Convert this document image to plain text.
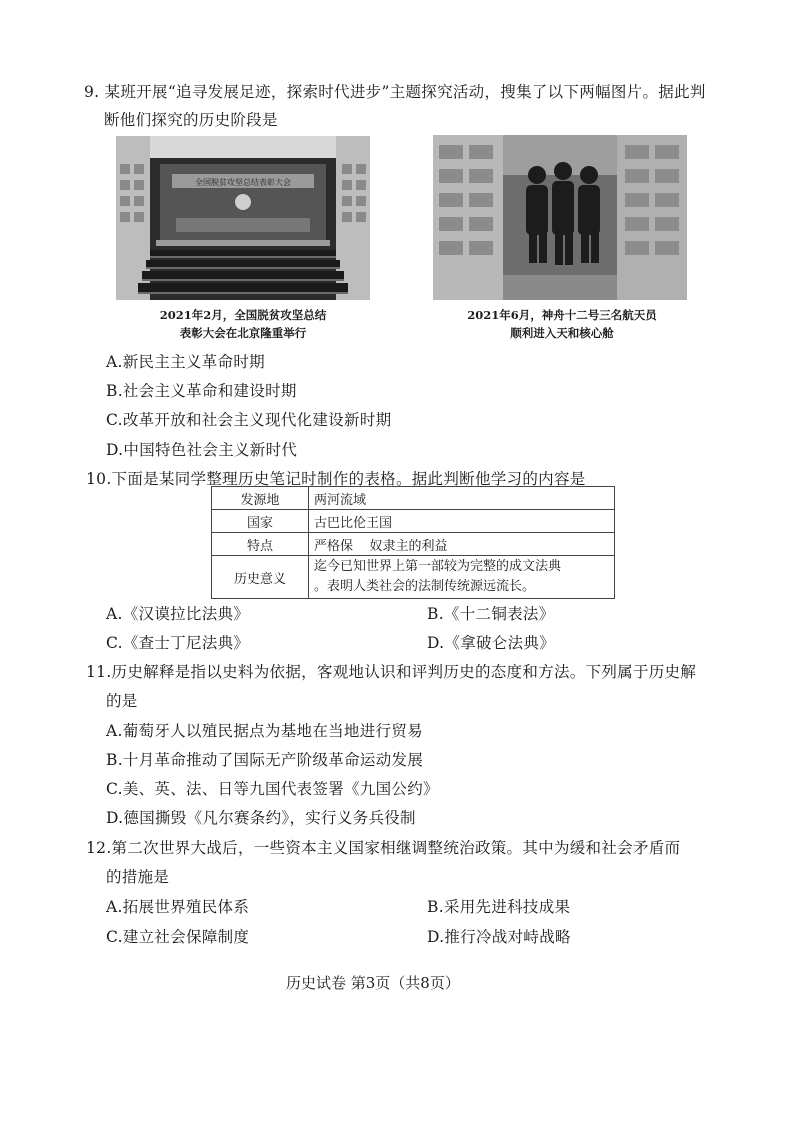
9. 某班开展“追寻发展足迹，探索时代进步”主题探究活动，搜集了以下两幅图片。据此判
断他们探究的历史阶段是
全国脱贫攻坚总结表彰大会
2021年2月，全国脱贫攻坚总结
表彰大会在北京隆重举行
2021年6月，神舟十二号三名航天员
顺利进入天和核心舱
A.新民主主义革命时期
B.社会主义革命和建设时期
C.改革开放和社会主义现代化建设新时期
D.中国特色社会主义新时代
10.下面是某同学整理历史笔记时制作的表格。据此判断他学习的内容是
发源地	两河流域
国家	古巴比伦王国
特点	严格保    奴隶主的利益
历史意义	迄今已知世界上第一部较为完整的成文法典
。表明人类社会的法制传统源远流长。
A.《汉谟拉比法典》	B.《十二铜表法》
C.《查士丁尼法典》	D.《拿破仑法典》
11.历史解释是指以史料为依据，客观地认识和评判历史的态度和方法。下列属于历史解
的是
A.葡萄牙人以殖民据点为基地在当地进行贸易
B.十月革命推动了国际无产阶级革命运动发展
C.美、英、法、日等九国代表签署《九国公约》
D.德国撕毁《凡尔赛条约》，实行义务兵役制
12.第二次世界大战后，一些资本主义国家相继调整统治政策。其中为缓和社会矛盾而
的措施是
A.拓展世界殖民体系	B.采用先进科技成果
C.建立社会保障制度	D.推行冷战对峙战略
历史试卷 第3页（共8页）
